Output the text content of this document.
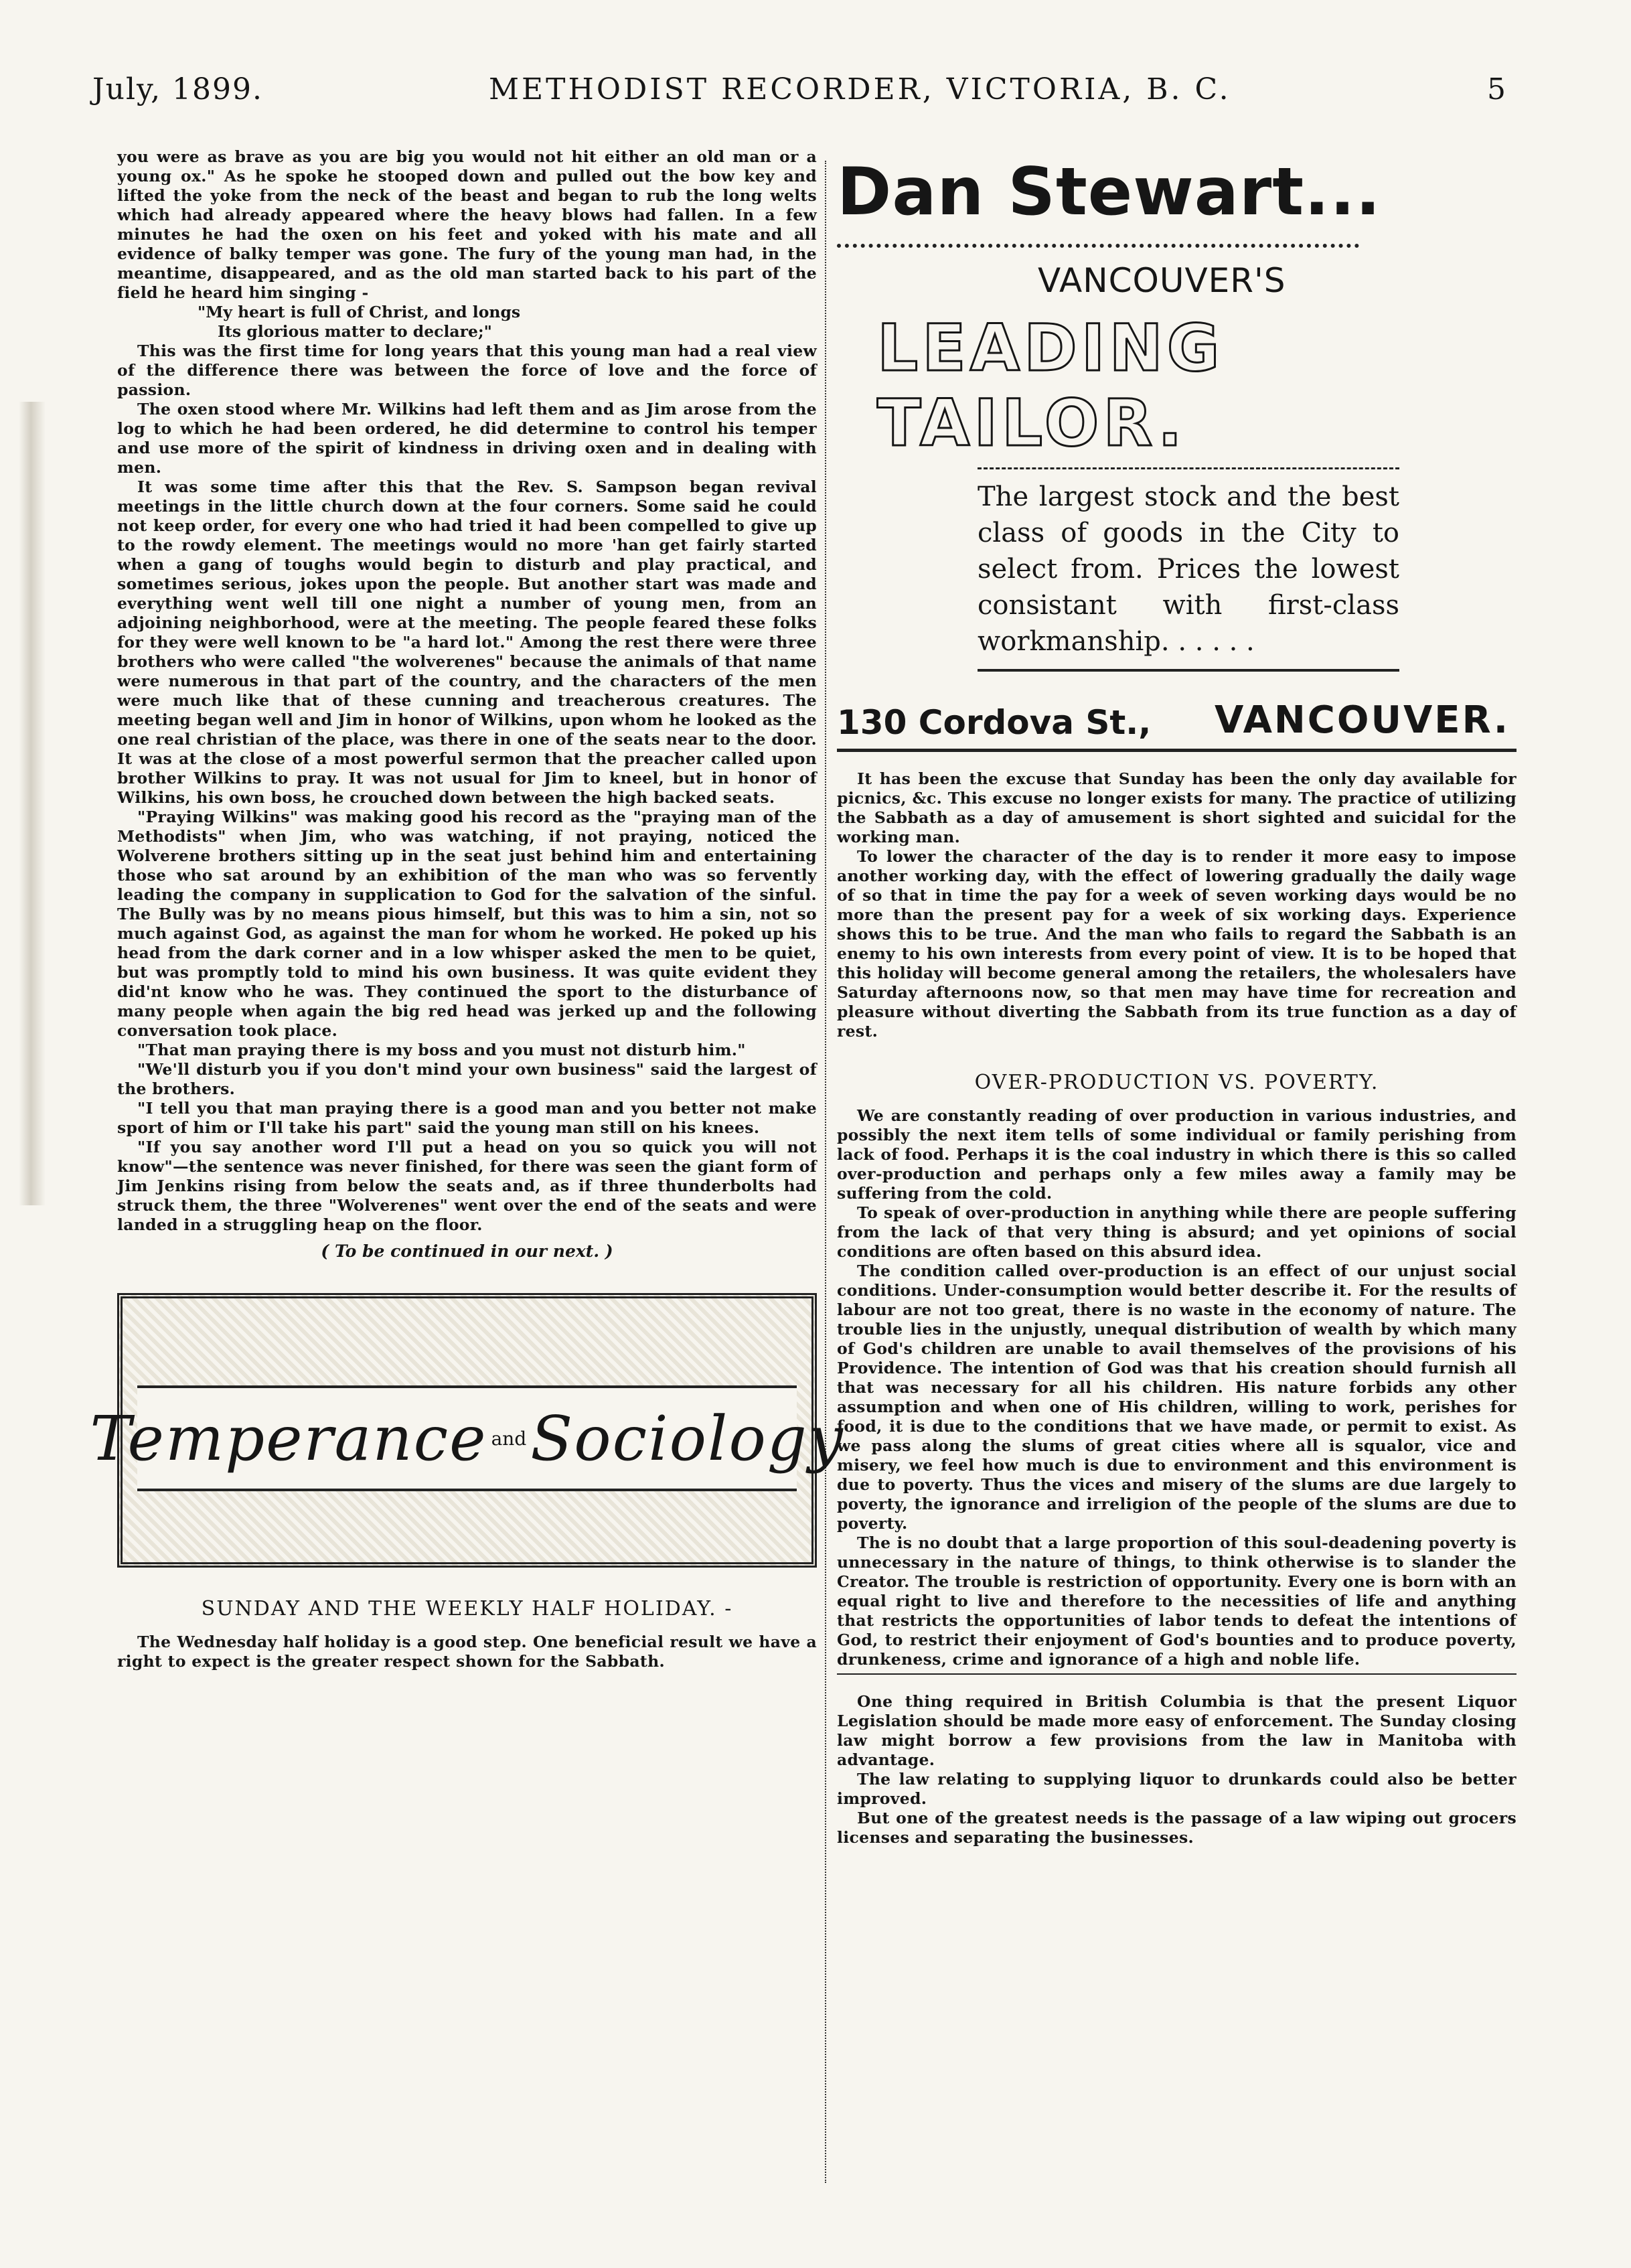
July, 1899.	METHODIST RECORDER, VICTORIA, B. C.	5

you were as brave as you are big you would not hit either an old man or a young ox." As he spoke he stooped down and pulled out the bow key and lifted the yoke from the neck of the beast and began to rub the long welts which had already appeared where the heavy blows had fallen. In a few minutes he had the oxen on his feet and yoked with his mate and all evidence of balky temper was gone. The fury of the young man had, in the meantime, disappeared, and as the old man started back to his part of the field he heard him singing -

"My heart is full of Christ, and longs
Its glorious matter to declare;"

This was the first time for long years that this young man had a real view of the difference there was between the force of love and the force of passion.

The oxen stood where Mr. Wilkins had left them and as Jim arose from the log to which he had been ordered, he did determine to control his temper and use more of the spirit of kindness in driving oxen and in dealing with men.

It was some time after this that the Rev. S. Sampson began revival meetings in the little church down at the four corners. Some said he could not keep order, for every one who had tried it had been compelled to give up to the rowdy element. The meetings would no more 'han get fairly started when a gang of toughs would begin to disturb and play practical, and sometimes serious, jokes upon the people. But another start was made and everything went well till one night a number of young men, from an adjoining neighborhood, were at the meeting. The people feared these folks for they were well known to be "a hard lot." Among the rest there were three brothers who were called "the wolverenes" because the animals of that name were numerous in that part of the country, and the characters of the men were much like that of these cunning and treacherous creatures. The meeting began well and Jim in honor of Wilkins, upon whom he looked as the one real christian of the place, was there in one of the seats near to the door. It was at the close of a most powerful sermon that the preacher called upon brother Wilkins to pray. It was not usual for Jim to kneel, but in honor of Wilkins, his own boss, he crouched down between the high backed seats.

"Praying Wilkins" was making good his record as the "praying man of the Methodists" when Jim, who was watching, if not praying, noticed the Wolverene brothers sitting up in the seat just behind him and entertaining those who sat around by an exhibition of the man who was so fervently leading the company in supplication to God for the salvation of the sinful. The Bully was by no means pious himself, but this was to him a sin, not so much against God, as against the man for whom he worked. He poked up his head from the dark corner and in a low whisper asked the men to be quiet, but was promptly told to mind his own business. It was quite evident they did'nt know who he was. They continued the sport to the disturbance of many people when again the big red head was jerked up and the following conversation took place.

"That man praying there is my boss and you must not disturb him."

"We'll disturb you if you don't mind your own business" said the largest of the brothers.

"I tell you that man praying there is a good man and you better not make sport of him or I'll take his part" said the young man still on his knees.

"If you say another word I'll put a head on you so quick you will not know"—the sentence was never finished, for there was seen the giant form of Jim Jenkins rising from below the seats and, as if three thunderbolts had struck them, the three "Wolverenes" went over the end of the seats and were landed in a struggling heap on the floor.

( To be continued in our next. )
Temperance and Sociology
SUNDAY AND THE WEEKLY HALF HOLIDAY. -

The Wednesday half holiday is a good step. One beneficial result we have a right to expect is the greater respect shown for the Sabbath.

Dan Stewart...
VANCOUVER'S
LEADING TAILOR.

The largest stock and the best class of goods in the City to select from. Prices the lowest consistant with first-class workmanship. . . . . .

130 Cordova St., VANCOUVER.

It has been the excuse that Sunday has been the only day available for picnics, &c. This excuse no longer exists for many. The practice of utilizing the Sabbath as a day of amusement is short sighted and suicidal for the working man.

To lower the character of the day is to render it more easy to impose another working day, with the effect of lowering gradually the daily wage of so that in time the pay for a week of seven working days would be no more than the present pay for a week of six working days. Experience shows this to be true. And the man who fails to regard the Sabbath is an enemy to his own interests from every point of view. It is to be hoped that this holiday will become general among the retailers, the wholesalers have Saturday afternoons now, so that men may have time for recreation and pleasure without diverting the Sabbath from its true function as a day of rest.

OVER-PRODUCTION VS. POVERTY.

We are constantly reading of over production in various industries, and possibly the next item tells of some individual or family perishing from lack of food. Perhaps it is the coal industry in which there is this so called over-production and perhaps only a few miles away a family may be suffering from the cold.

To speak of over-production in anything while there are people suffering from the lack of that very thing is absurd; and yet opinions of social conditions are often based on this absurd idea.

The condition called over-production is an effect of our unjust social conditions. Under-consumption would better describe it. For the results of labour are not too great, there is no waste in the economy of nature. The trouble lies in the unjustly, unequal distribution of wealth by which many of God's children are unable to avail themselves of the provisions of his Providence. The intention of God was that his creation should furnish all that was necessary for all his children. His nature forbids any other assumption and when one of His children, willing to work, perishes for food, it is due to the conditions that we have made, or permit to exist. As we pass along the slums of great cities where all is squalor, vice and misery, we feel how much is due to environment and this environment is due to poverty. Thus the vices and misery of the slums are due largely to poverty, the ignorance and irreligion of the people of the slums are due to poverty.

The is no doubt that a large proportion of this soul-deadening poverty is unnecessary in the nature of things, to think otherwise is to slander the Creator. The trouble is restriction of opportunity. Every one is born with an equal right to live and therefore to the necessities of life and anything that restricts the opportunities of labor tends to defeat the intentions of God, to restrict their enjoyment of God's bounties and to produce poverty, drunkeness, crime and ignorance of a high and noble life.

One thing required in British Columbia is that the present Liquor Legislation should be made more easy of enforcement. The Sunday closing law might borrow a few provisions from the law in Manitoba with advantage.

The law relating to supplying liquor to drunkards could also be better improved.

But one of the greatest needs is the passage of a law wiping out grocers licenses and separating the businesses.
